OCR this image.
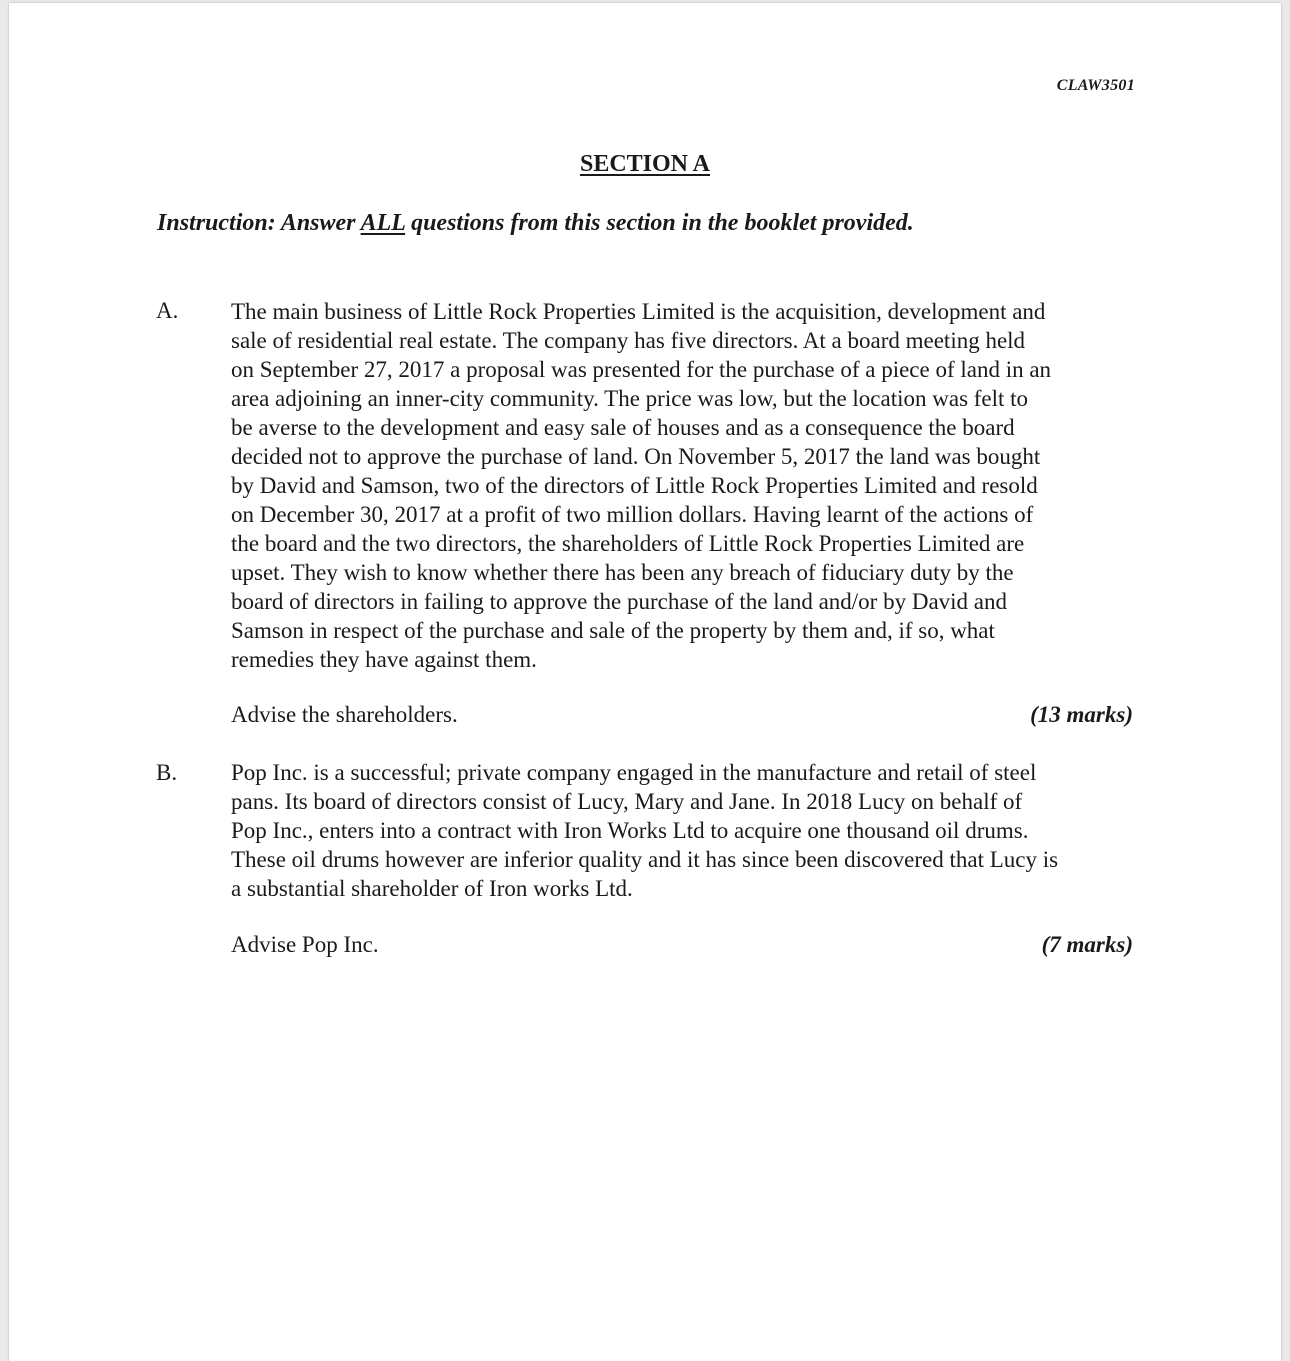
CLAW3501
SECTION A
Instruction: Answer ALL questions from this section in the booklet provided.
A. The main business of Little Rock Properties Limited is the acquisition, development and
sale of residential real estate. The company has five directors. At a board meeting held
on September 27, 2017 a proposal was presented for the purchase of a piece of land in an
area adjoining an inner-city community. The price was low, but the location was felt to
be averse to the development and easy sale of houses and as a consequence the board
decided not to approve the purchase of land. On November 5, 2017 the land was bought
by David and Samson, two of the directors of Little Rock Properties Limited and resold
on December 30, 2017 at a profit of two million dollars. Having learnt of the actions of
the board and the two directors, the shareholders of Little Rock Properties Limited are
upset. They wish to know whether there has been any breach of fiduciary duty by the
board of directors in failing to approve the purchase of the land and/or by David and
Samson in respect of the purchase and sale of the property by them and, if so, what
remedies they have against them.
Advise the shareholders.	(13 marks)
B. Pop Inc. is a successful; private company engaged in the manufacture and retail of steel
pans. Its board of directors consist of Lucy, Mary and Jane. In 2018 Lucy on behalf of
Pop Inc., enters into a contract with Iron Works Ltd to acquire one thousand oil drums.
These oil drums however are inferior quality and it has since been discovered that Lucy is
a substantial shareholder of Iron works Ltd.
Advise Pop Inc.	(7 marks)
